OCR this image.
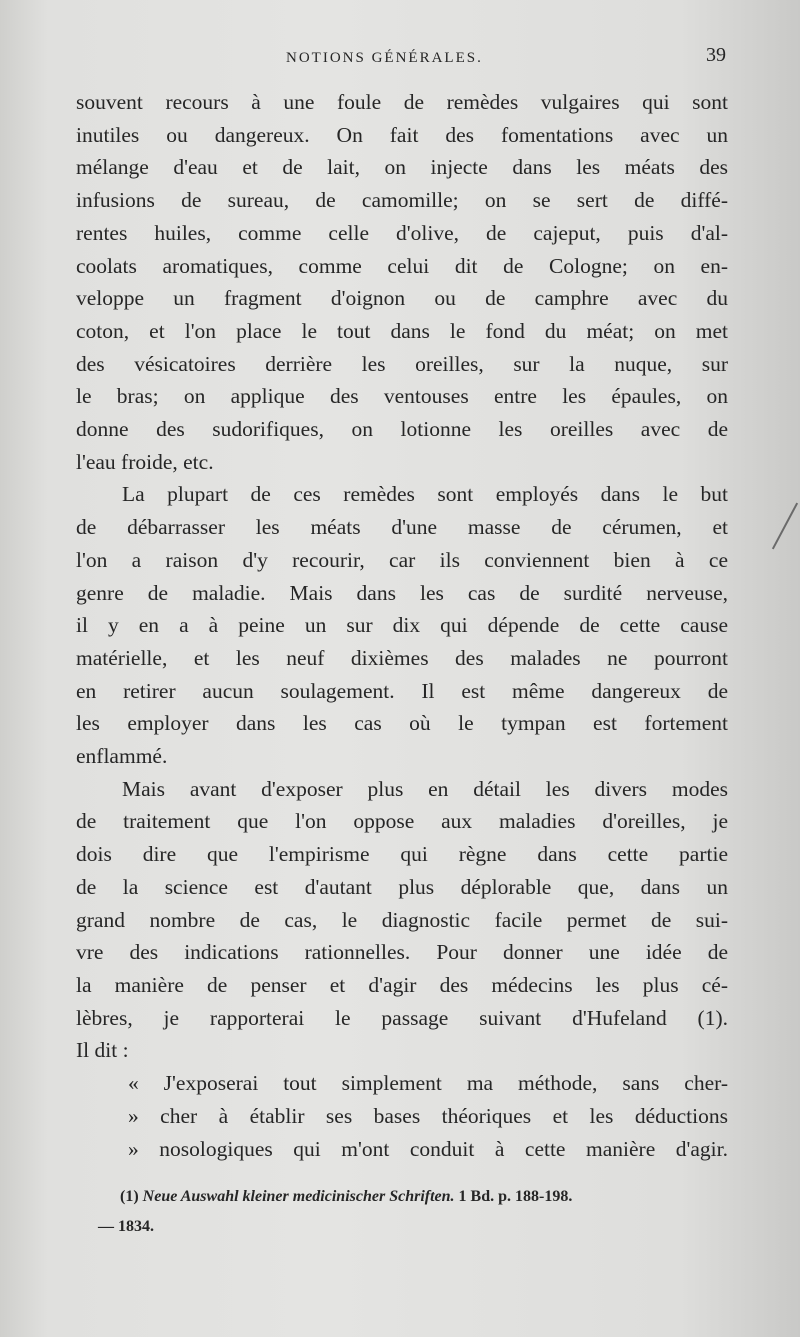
NOTIONS GÉNÉRALES.	39
souvent recours à une foule de remèdes vulgaires qui sont
inutiles ou dangereux. On fait des fomentations avec un
mélange d'eau et de lait, on injecte dans les méats des
infusions de sureau, de camomille; on se sert de diffé-
rentes huiles, comme celle d'olive, de cajeput, puis d'al-
coolats aromatiques, comme celui dit de Cologne; on en-
veloppe un fragment d'oignon ou de camphre avec du
coton, et l'on place le tout dans le fond du méat; on met
des vésicatoires derrière les oreilles, sur la nuque, sur
le bras; on applique des ventouses entre les épaules, on
donne des sudorifiques, on lotionne les oreilles avec de
l'eau froide, etc.
La plupart de ces remèdes sont employés dans le but
de débarrasser les méats d'une masse de cérumen, et
l'on a raison d'y recourir, car ils conviennent bien à ce
genre de maladie. Mais dans les cas de surdité nerveuse,
il y en a à peine un sur dix qui dépende de cette cause
matérielle, et les neuf dixièmes des malades ne pourront
en retirer aucun soulagement. Il est même dangereux de
les employer dans les cas où le tympan est fortement
enflammé.
Mais avant d'exposer plus en détail les divers modes
de traitement que l'on oppose aux maladies d'oreilles, je
dois dire que l'empirisme qui règne dans cette partie
de la science est d'autant plus déplorable que, dans un
grand nombre de cas, le diagnostic facile permet de sui-
vre des indications rationnelles. Pour donner une idée de
la manière de penser et d'agir des médecins les plus cé-
lèbres, je rapporterai le passage suivant d'Hufeland (1).
Il dit :
« J'exposerai tout simplement ma méthode, sans cher-
» cher à établir ses bases théoriques et les déductions
» nosologiques qui m'ont conduit à cette manière d'agir.
(1) Neue Auswahl kleiner medicinischer Schriften. 1 Bd. p. 188-198.
— 1834.
